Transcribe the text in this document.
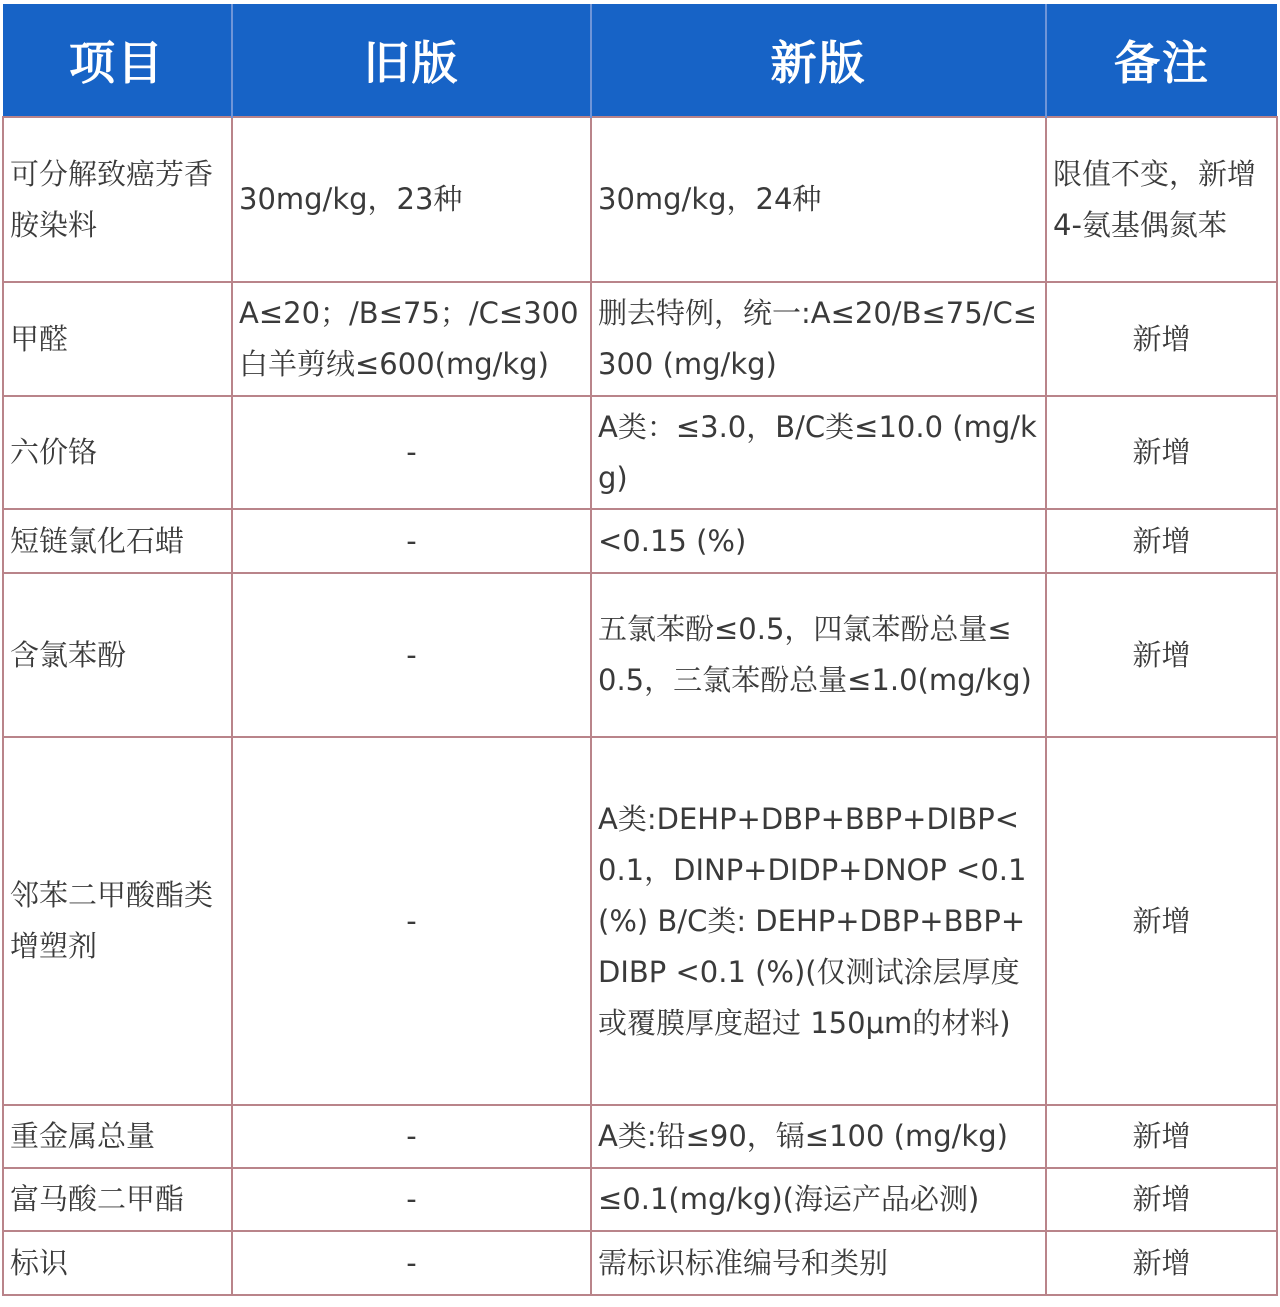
项目	旧版	新版	备注
可分解致癌芳香胺染料	30mg/kg，23种	30mg/kg，24种	限值不变，新增4-氨基偶氮苯
甲醛	A≤20；/B≤75；/C≤300白羊剪绒≤600(mg/kg)	删去特例，统一:A≤20/B≤75/C≤300 (mg/kg)	新增
六价铬	-	A类：≤3.0，B/C类≤10.0 (mg/kg)	新增
短链氯化石蜡	-	<0.15 (%)	新增
含氯苯酚	-	五氯苯酚≤0.5，四氯苯酚总量≤0.5，三氯苯酚总量≤1.0(mg/kg)	新增
邻苯二甲酸酯类增塑剂	-	A类:DEHP+DBP+BBP+DIBP<0.1，DINP+DIDP+DNOP <0.1 (%) B/C类: DEHP+DBP+BBP+DIBP <0.1 (%)(仅测试涂层厚度或覆膜厚度超过 150μm的材料)	新增
重金属总量	-	A类:铅≤90，镉≤100 (mg/kg)	新增
富马酸二甲酯	-	≤0.1(mg/kg)(海运产品必测)	新增
标识	-	需标识标准编号和类别	新增
